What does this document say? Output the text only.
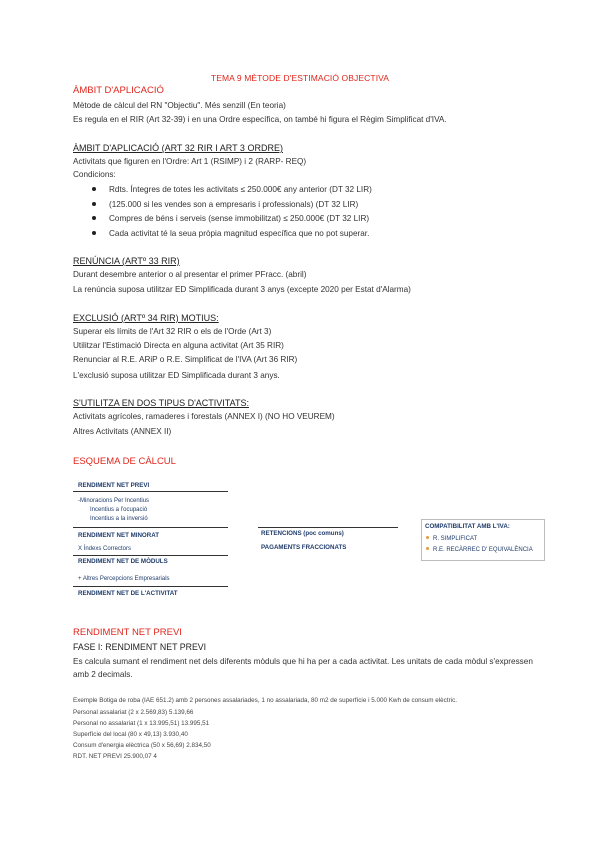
TEMA 9 MÈTODE D'ESTIMACIÓ OBJECTIVA
ÀMBIT D'APLICACIÓ
Mètode de càlcul del RN "Objectiu". Més senzill (En teoria)
Es regula en el RIR (Art 32-39) i en una Ordre específica, on també hi figura el Règim Simplificat d'IVA.
ÀMBIT D'APLICACIÓ (ART 32 RIR I ART 3 ORDRE)
Activitats que figuren en l'Ordre: Art 1 (RSIMP) i 2 (RARP- REQ)
Condicions:
Rdts. Íntegres de totes les activitats ≤ 250.000€ any anterior (DT 32 LIR)
(125.000 si les vendes son a empresaris i professionals) (DT 32 LIR)
Compres de béns i serveis (sense immobilitzat) ≤ 250.000€ (DT 32 LIR)
Cada activitat té la seua pròpia magnitud específica que no pot superar.
RENÚNCIA (ARTº 33 RIR)
Durant desembre anterior o al presentar el primer PFracc. (abril)
La renúncia suposa utilitzar ED Simplificada durant 3 anys (excepte 2020 per Estat d'Alarma)
EXCLUSIÓ (ARTº 34 RIR) MOTIUS:
Superar els límits de l'Art 32 RIR o els de l'Orde (Art 3)
Utilitzar l'Estimació Directa en alguna activitat (Art 35 RIR)
Renunciar al R.E. ARiP o R.E. Simplificat de l'IVA (Art 36 RIR)
L'exclusió suposa utilitzar ED Simplificada durant 3 anys.
S'UTILITZA EN DOS TIPUS D'ACTIVITATS:
Activitats agrícoles, ramaderes i forestals (ANNEX I) (NO HO VEUREM)
Altres Activitats (ANNEX II)
ESQUEMA DE CÀLCUL
RENDIMENT NET PREVI
-Minoracions Per Incentius
Incentius a l'ocupació
Incentius a la inversió
RENDIMENT NET MINORAT
X Índexs Correctors
RENDIMENT NET DE MÒDULS
+ Altres Percepcions Empresarials
RENDIMENT NET DE L'ACTIVITAT
RETENCIONS (poc comuns)
PAGAMENTS FRACCIONATS
COMPATIBILITAT AMB L'IVA:
R. SIMPLIFICAT
R.E. RECÀRREC D' EQUIVALÈNCIA
RENDIMENT NET PREVI
FASE I: RENDIMENT NET PREVI
Es calcula sumant el rendiment net dels diferents mòduls que hi ha per a cada activitat. Les unitats de cada mòdul s'expressen amb 2 decimals.
Exemple Botiga de roba (IAE 651.2) amb 2 persones assalariades, 1 no assalariada, 80 m2 de superfície i 5.000 Kwh de consum elèctric.
Personal assalariat (2 x 2.569,83) 5.139,66
Personal no assalariat (1 x 13.995,51) 13.995,51
Superfície del local (80 x 49,13) 3.930,40
Consum d'energia elèctrica (50 x 56,69) 2.834,50
RDT. NET PREVI 25.900,07 4
